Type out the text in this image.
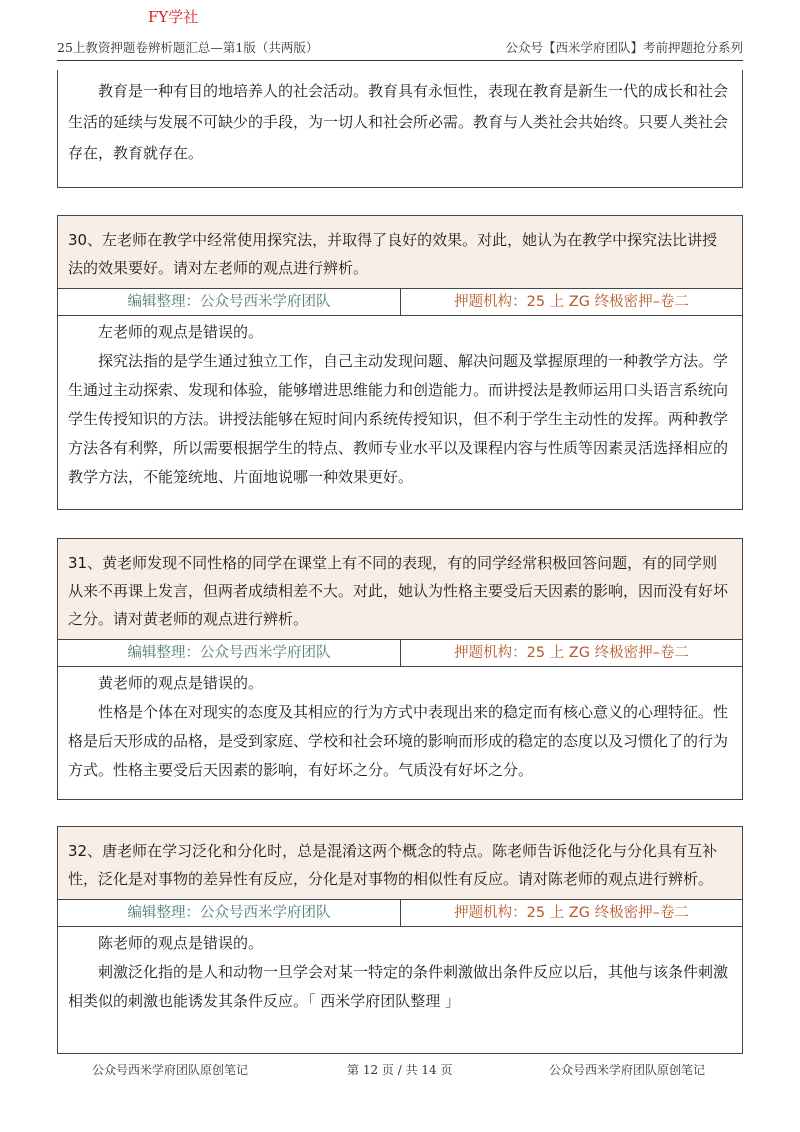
FY学社
25上教资押题卷辨析题汇总—第1版（共两版）	公众号【西米学府团队】考前押题抢分系列

教育是一种有目的地培养人的社会活动。教育具有永恒性，表现在教育是新生一代的成长和社会生活的延续与发展不可缺少的手段，为一切人和社会所必需。教育与人类社会共始终。只要人类社会存在，教育就存在。

30、左老师在教学中经常使用探究法，并取得了良好的效果。对此，她认为在教学中探究法比讲授法的效果要好。请对左老师的观点进行辨析。
编辑整理：公众号西米学府团队	押题机构：25 上 ZG 终极密押–卷二

左老师的观点是错误的。

探究法指的是学生通过独立工作，自己主动发现问题、解决问题及掌握原理的一种教学方法。学生通过主动探索、发现和体验，能够增进思维能力和创造能力。而讲授法是教师运用口头语言系统向学生传授知识的方法。讲授法能够在短时间内系统传授知识，但不利于学生主动性的发挥。两种教学方法各有利弊，所以需要根据学生的特点、教师专业水平以及课程内容与性质等因素灵活选择相应的教学方法，不能笼统地、片面地说哪一种效果更好。

31、黄老师发现不同性格的同学在课堂上有不同的表现，有的同学经常积极回答问题，有的同学则从来不再课上发言，但两者成绩相差不大。对此，她认为性格主要受后天因素的影响，因而没有好坏之分。请对黄老师的观点进行辨析。
编辑整理：公众号西米学府团队	押题机构：25 上 ZG 终极密押–卷二

黄老师的观点是错误的。

性格是个体在对现实的态度及其相应的行为方式中表现出来的稳定而有核心意义的心理特征。性格是后天形成的品格，是受到家庭、学校和社会环境的影响而形成的稳定的态度以及习惯化了的行为方式。性格主要受后天因素的影响，有好坏之分。气质没有好坏之分。

32、唐老师在学习泛化和分化时，总是混淆这两个概念的特点。陈老师告诉他泛化与分化具有互补性，泛化是对事物的差异性有反应，分化是对事物的相似性有反应。请对陈老师的观点进行辨析。
编辑整理：公众号西米学府团队	押题机构：25 上 ZG 终极密押–卷二

陈老师的观点是错误的。

刺激泛化指的是人和动物一旦学会对某一特定的条件刺激做出条件反应以后，其他与该条件刺激相类似的刺激也能诱发其条件反应。「 西米学府团队整理 」

公众号西米学府团队原创笔记	第 12 页 / 共 14 页	公众号西米学府团队原创笔记
